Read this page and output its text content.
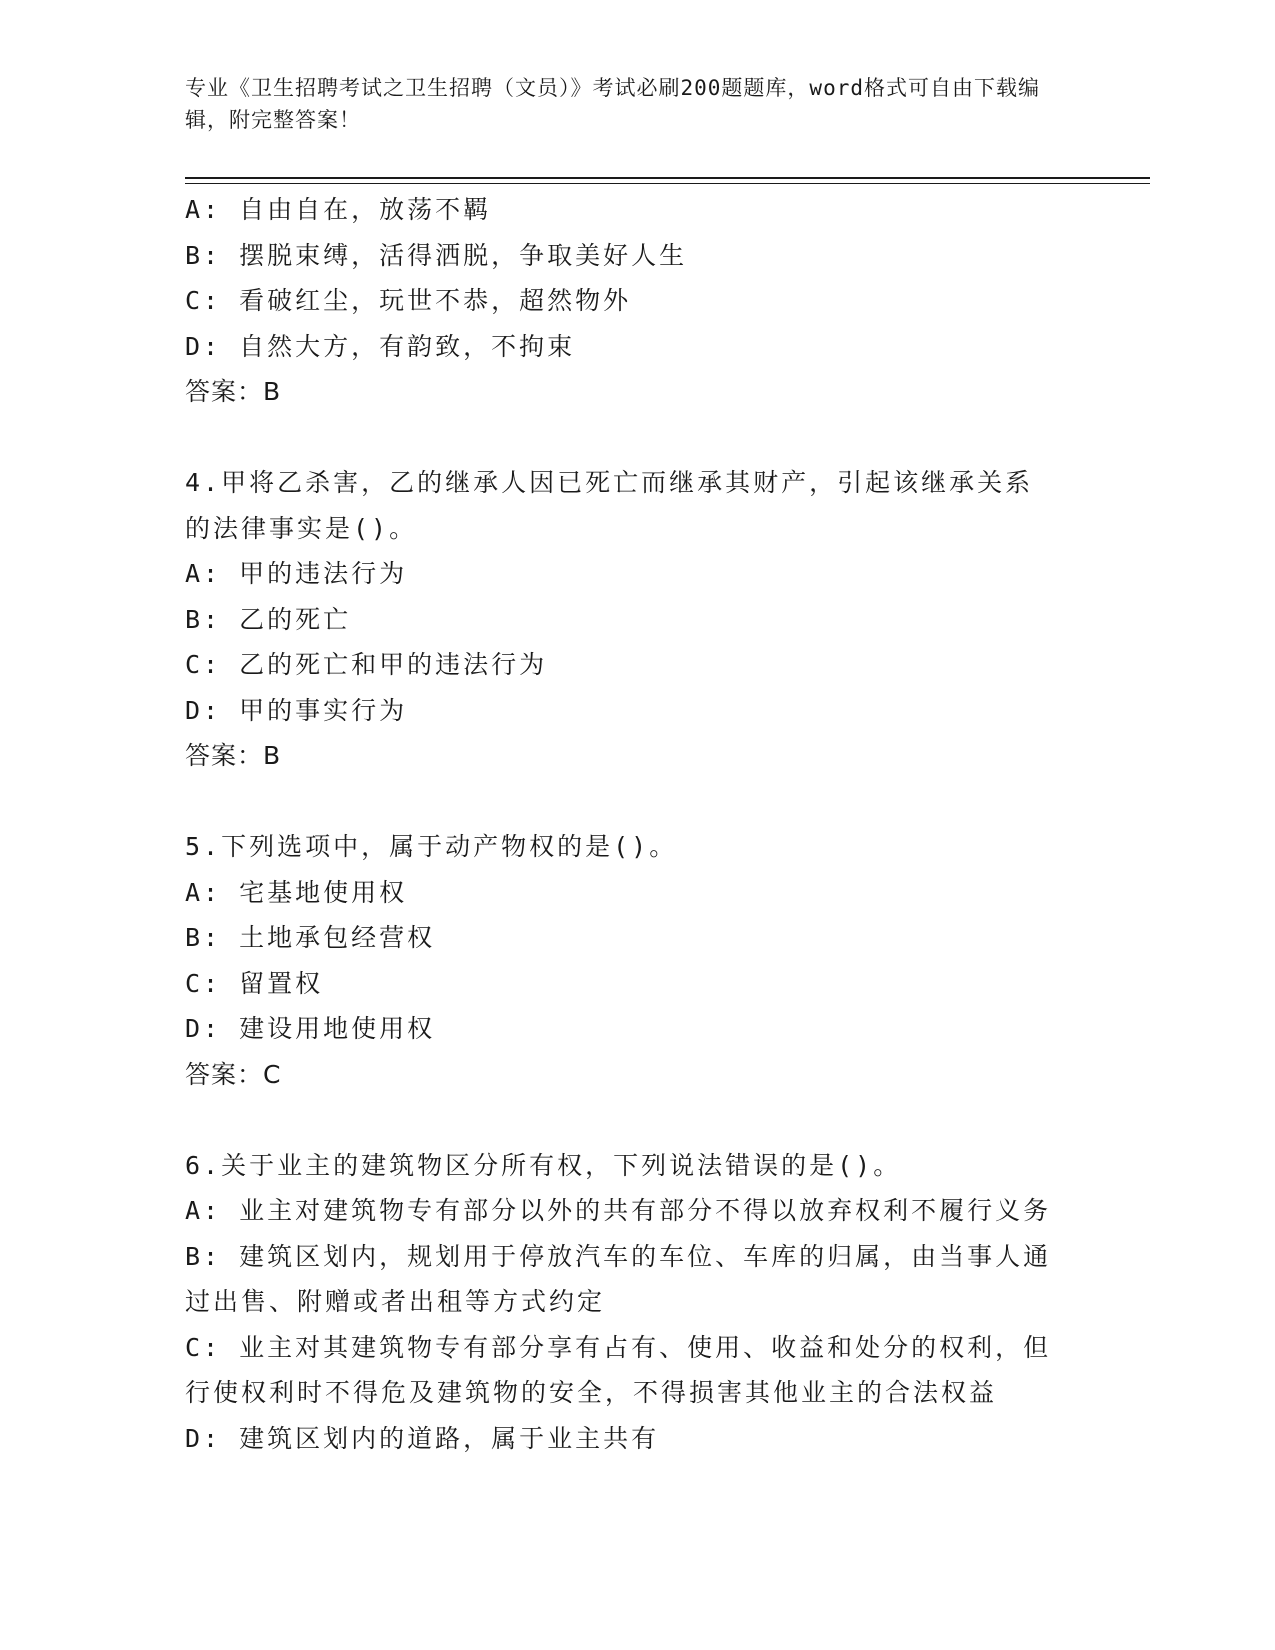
专业《卫生招聘考试之卫生招聘（文员）》考试必刷200题题库，word格式可自由下载编辑，附完整答案！
A: 自由自在，放荡不羁
B: 摆脱束缚，活得洒脱，争取美好人生
C: 看破红尘，玩世不恭，超然物外
D: 自然大方，有韵致，不拘束
答案：B
4.甲将乙杀害，乙的继承人因已死亡而继承其财产，引起该继承关系
的法律事实是()。
A: 甲的违法行为
B: 乙的死亡
C: 乙的死亡和甲的违法行为
D: 甲的事实行为
答案：B
5.下列选项中，属于动产物权的是()。
A: 宅基地使用权
B: 土地承包经营权
C: 留置权
D: 建设用地使用权
答案：C
6.关于业主的建筑物区分所有权，下列说法错误的是()。
A: 业主对建筑物专有部分以外的共有部分不得以放弃权利不履行义务
B: 建筑区划内，规划用于停放汽车的车位、车库的归属，由当事人通
过出售、附赠或者出租等方式约定
C: 业主对其建筑物专有部分享有占有、使用、收益和处分的权利，但
行使权利时不得危及建筑物的安全，不得损害其他业主的合法权益
D: 建筑区划内的道路，属于业主共有
